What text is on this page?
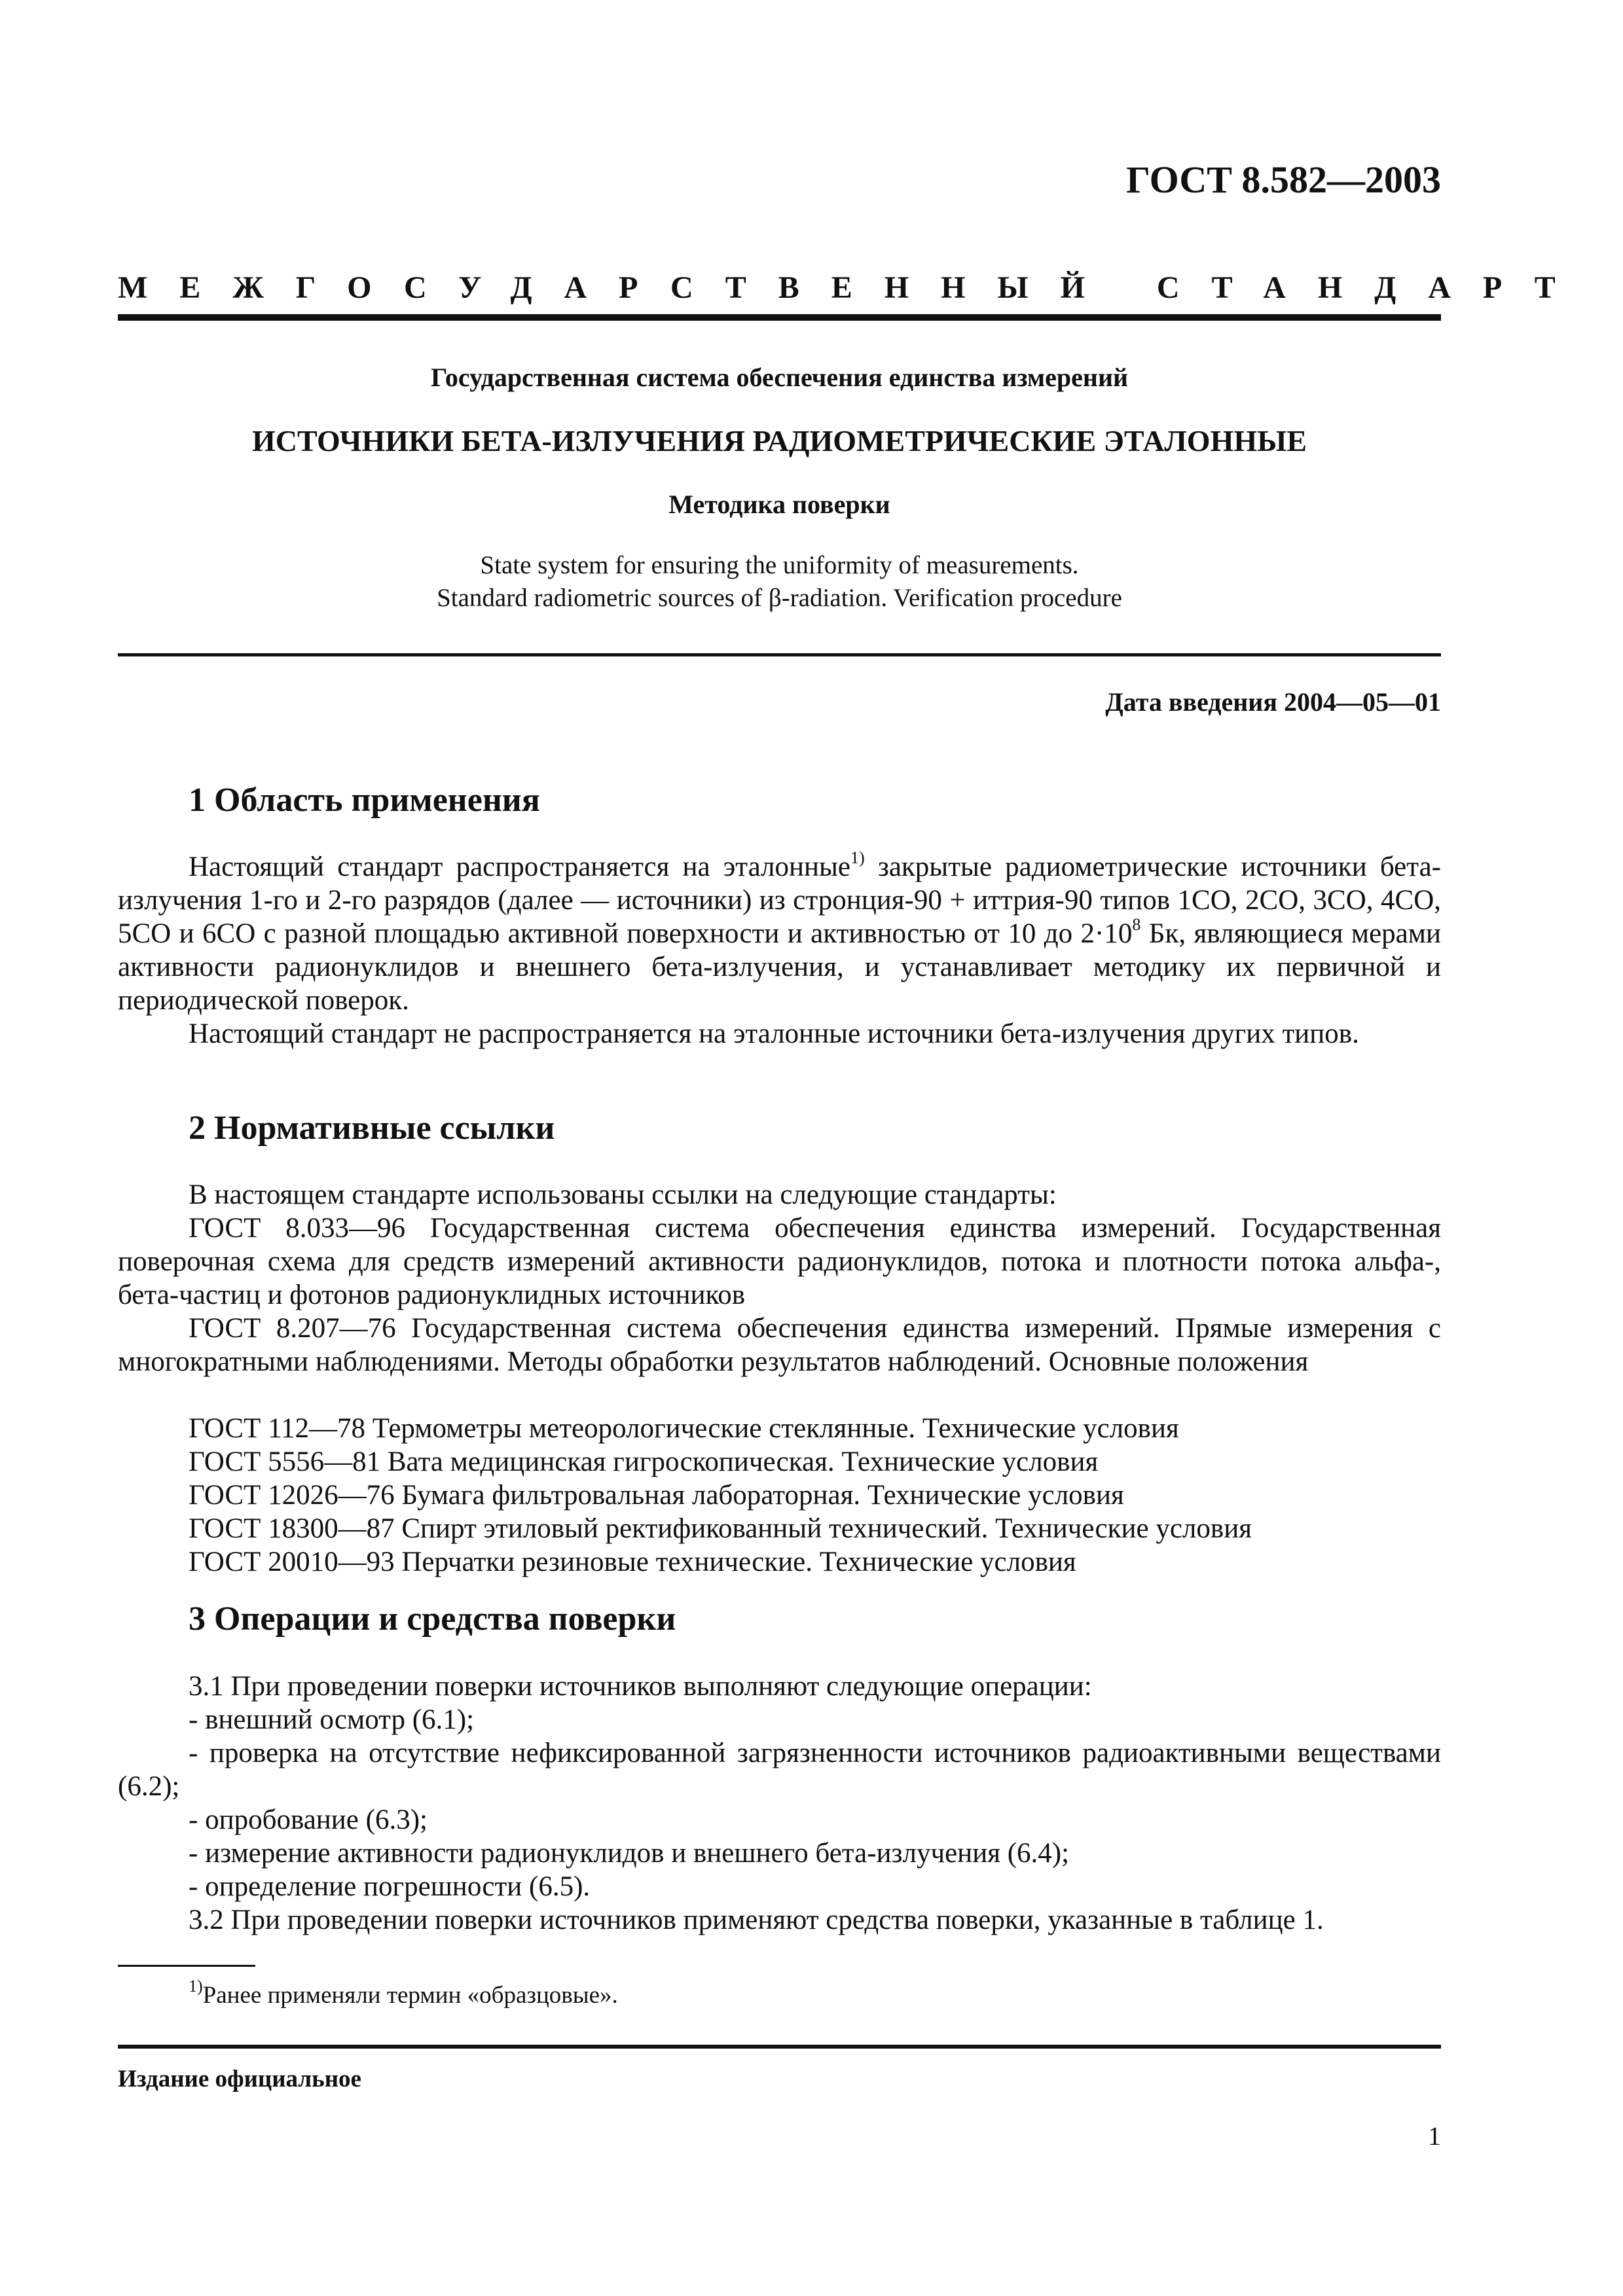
ГОСТ 8.582—2003
МЕЖГОСУДАРСТВЕННЫЙ СТАНДАРТ
Государственная система обеспечения единства измерений
ИСТОЧНИКИ БЕТА-ИЗЛУЧЕНИЯ РАДИОМЕТРИЧЕСКИЕ ЭТАЛОННЫЕ
Методика поверки
State system for ensuring the uniformity of measurements.
Standard radiometric sources of β-radiation. Verification procedure
Дата введения 2004—05—01
1 Область применения
Настоящий стандарт распространяется на эталонные$^{1)}$ закрытые радиометрические источники бета-излучения 1-го и 2-го разрядов (далее — источники) из стронция-90 + иттрия-90 типов 1СО, 2СО, 3СО, 4СО, 5СО и 6СО с разной площадью активной поверхности и активностью от 10 до $2\cdot 10^8$ Бк, являющиеся мерами активности радионуклидов и внешнего бета-излучения, и устанавливает методику их первичной и периодической поверок.
Настоящий стандарт не распространяется на эталонные источники бета-излучения других типов.
2 Нормативные ссылки
В настоящем стандарте использованы ссылки на следующие стандарты:
ГОСТ 8.033—96 Государственная система обеспечения единства измерений. Государственная поверочная схема для средств измерений активности радионуклидов, потока и плотности потока альфа-, бета-частиц и фотонов радионуклидных источников
ГОСТ 8.207—76 Государственная система обеспечения единства измерений. Прямые измерения с многократными наблюдениями. Методы обработки результатов наблюдений. Основные положения
ГОСТ 112—78 Термометры метеорологические стеклянные. Технические условия
ГОСТ 5556—81 Вата медицинская гигроскопическая. Технические условия
ГОСТ 12026—76 Бумага фильтровальная лабораторная. Технические условия
ГОСТ 18300—87 Спирт этиловый ректификованный технический. Технические условия
ГОСТ 20010—93 Перчатки резиновые технические. Технические условия
3 Операции и средства поверки
3.1 При проведении поверки источников выполняют следующие операции:
- внешний осмотр (6.1);
- проверка на отсутствие нефиксированной загрязненности источников радиоактивными веществами (6.2);
- опробование (6.3);
- измерение активности радионуклидов и внешнего бета-излучения (6.4);
- определение погрешности (6.5).
3.2 При проведении поверки источников применяют средства поверки, указанные в таблице 1.
$^{1)}$Ранее применяли термин «образцовые».
Издание официальное
1
